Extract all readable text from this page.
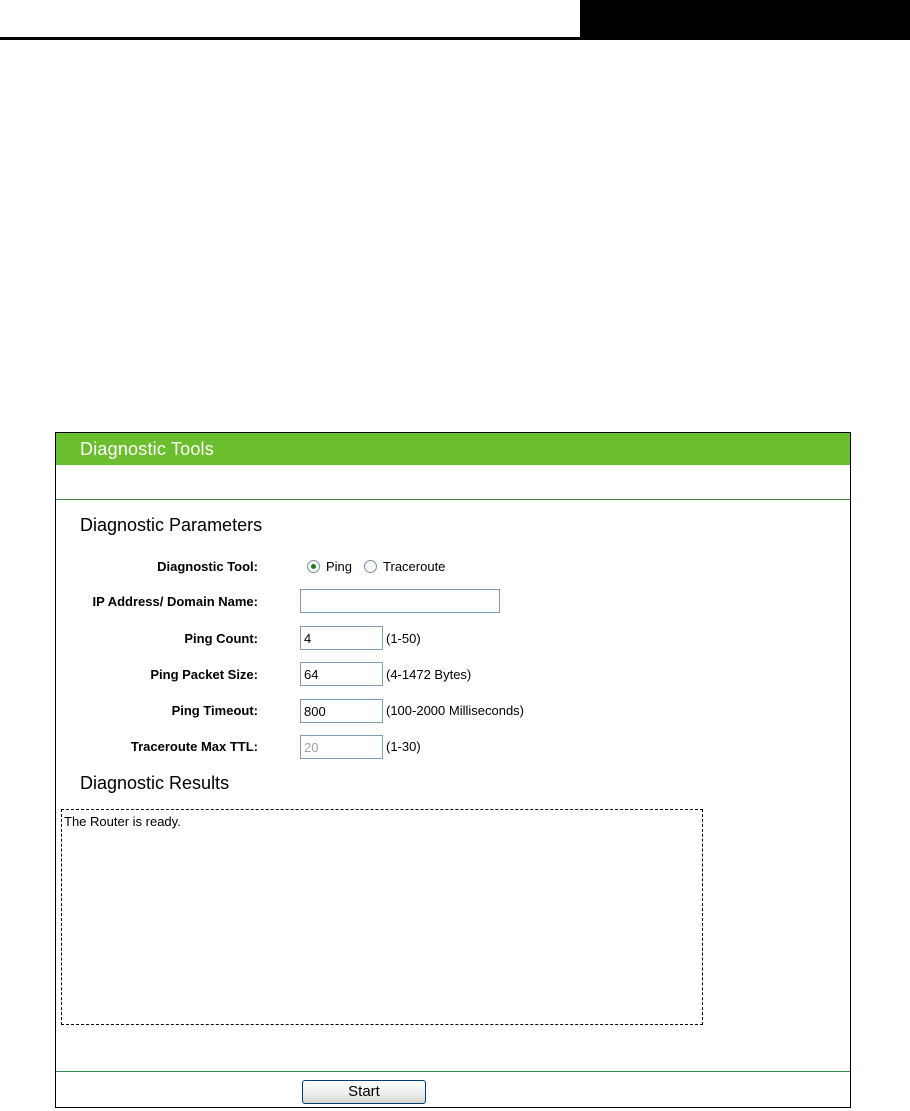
Diagnostic Tools
Diagnostic Parameters
Diagnostic Tool:	Ping Traceroute
IP Address/ Domain Name:
Ping Count:	4	(1-50)
Ping Packet Size:	64	(4-1472 Bytes)
Ping Timeout:	800	(100-2000 Milliseconds)
Traceroute Max TTL:	20	(1-30)
Diagnostic Results
The Router is ready.
Start
